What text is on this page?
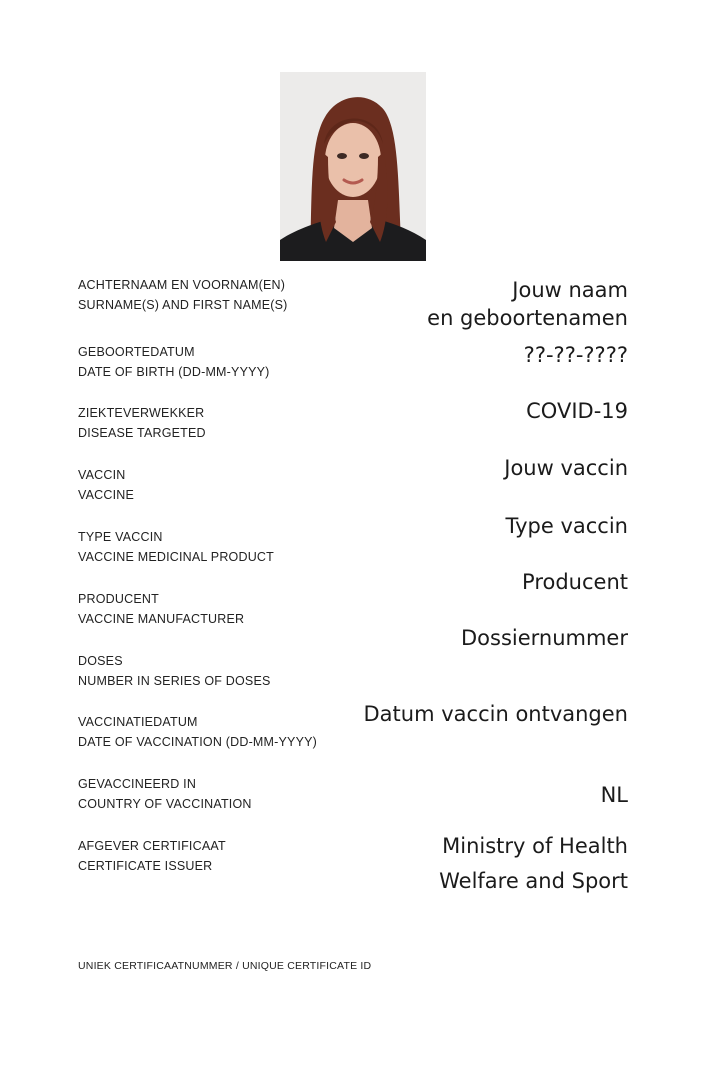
ACHTERNAAM EN VOORNAM(EN)
SURNAME(S) AND FIRST NAME(S)
Jouw naam
en geboortenamen
GEBOORTEDATUM
DATE OF BIRTH (DD-MM-YYYY)
??-??-????
ZIEKTEVERWEKKER
DISEASE TARGETED
COVID-19
VACCIN
VACCINE
Jouw vaccin
TYPE VACCIN
VACCINE MEDICINAL PRODUCT
Type vaccin
PRODUCENT
VACCINE MANUFACTURER
Producent
DOSES
NUMBER IN SERIES OF DOSES
Dossiernummer
VACCINATIEDATUM
DATE OF VACCINATION (DD-MM-YYYY)
Datum vaccin ontvangen
GEVACCINEERD IN
COUNTRY OF VACCINATION	NL
AFGEVER CERTIFICAAT
CERTIFICATE ISSUER
Ministry of Health
Welfare and Sport
UNIEK CERTIFICAATNUMMER / UNIQUE CERTIFICATE ID
